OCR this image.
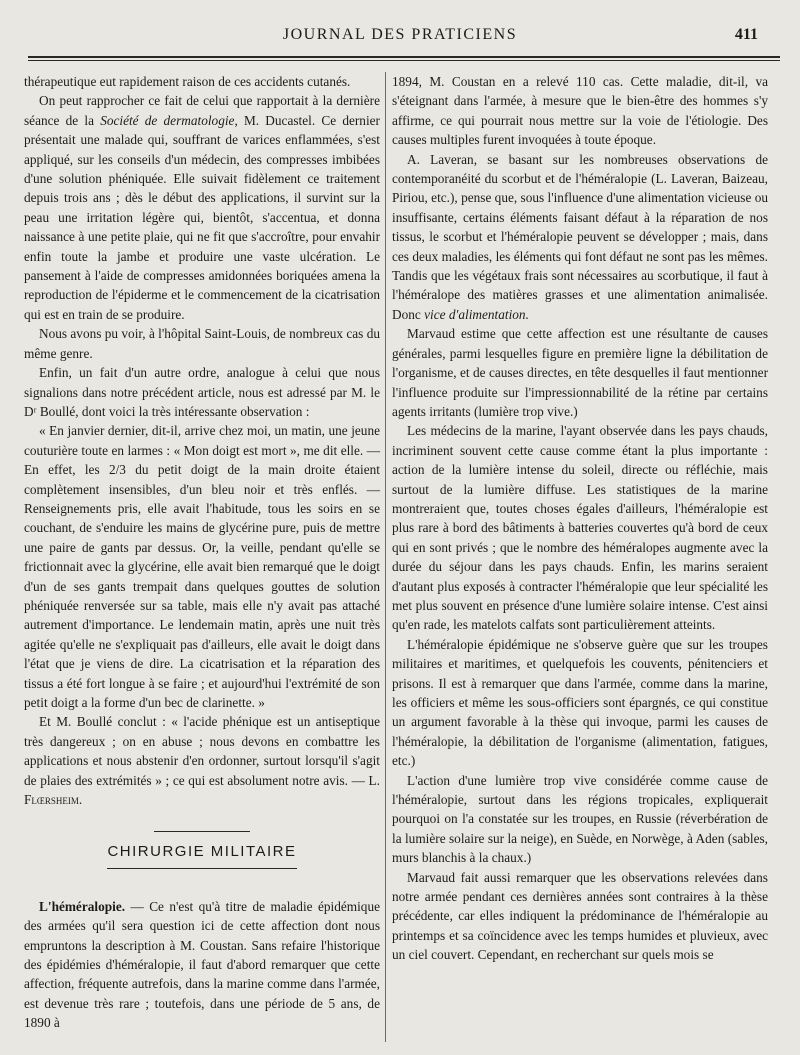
JOURNAL DES PRATICIENS	411

thérapeutique eut rapidement raison de ces accidents cutanés.

On peut rapprocher ce fait de celui que rapportait à la dernière séance de la Société de dermatologie, M. Ducastel. Ce dernier présentait une malade qui, souffrant de varices enflammées, s'est appliqué, sur les conseils d'un médecin, des compresses imbibées d'une solution phéniquée. Elle suivait fidèlement ce traitement depuis trois ans ; dès le début des applications, il survint sur la peau une irritation légère qui, bientôt, s'accentua, et donna naissance à une petite plaie, qui ne fit que s'accroître, pour envahir enfin toute la jambe et produire une vaste ulcération. Le pansement à l'aide de compresses amidonnées boriquées amena la reproduction de l'épiderme et le commencement de la cicatrisation qui est en train de se produire.

Nous avons pu voir, à l'hôpital Saint-Louis, de nombreux cas du même genre.

Enfin, un fait d'un autre ordre, analogue à celui que nous signalions dans notre précédent article, nous est adressé par M. le Dʳ Boullé, dont voici la très intéressante observation :

« En janvier dernier, dit-il, arrive chez moi, un matin, une jeune couturière toute en larmes : « Mon doigt est mort », me dit elle. — En effet, les 2/3 du petit doigt de la main droite étaient complètement insensibles, d'un bleu noir et très enflés. — Renseignements pris, elle avait l'habitude, tous les soirs en se couchant, de s'enduire les mains de glycérine pure, puis de mettre une paire de gants par dessus. Or, la veille, pendant qu'elle se frictionnait avec la glycérine, elle avait bien remarqué que le doigt d'un de ses gants trempait dans quelques gouttes de solution phéniquée renversée sur sa table, mais elle n'y avait pas attaché autrement d'importance. Le lendemain matin, après une nuit très agitée qu'elle ne s'expliquait pas d'ailleurs, elle avait le doigt dans l'état que je viens de dire. La cicatrisation et la réparation des tissus a été fort longue à se faire ; et aujourd'hui l'extrémité de son petit doigt a la forme d'un bec de clarinette. »

Et M. Boullé conclut : « l'acide phénique est un antiseptique très dangereux ; on en abuse ; nous devons en combattre les applications et nous abstenir d'en ordonner, surtout lorsqu'il s'agit de plaies des extrémités » ; ce qui est absolument notre avis. — L. Flœrsheim.

CHIRURGIE MILITAIRE

L'héméralopie. — Ce n'est qu'à titre de maladie épidémique des armées qu'il sera question ici de cette affection dont nous empruntons la description à M. Coustan. Sans refaire l'historique des épidémies d'héméralopie, il faut d'abord remarquer que cette affection, fréquente autrefois, dans la marine comme dans l'armée, est devenue très rare ; toutefois, dans une période de 5 ans, de 1890 à

1894, M. Coustan en a relevé 110 cas. Cette maladie, dit-il, va s'éteignant dans l'armée, à mesure que le bien-être des hommes s'y affirme, ce qui pourrait nous mettre sur la voie de l'étiologie. Des causes multiples furent invoquées à toute époque.

A. Laveran, se basant sur les nombreuses observations de contemporanéité du scorbut et de l'héméralopie (L. Laveran, Baizeau, Piriou, etc.), pense que, sous l'influence d'une alimentation vicieuse ou insuffisante, certains éléments faisant défaut à la réparation de nos tissus, le scorbut et l'héméralopie peuvent se développer ; mais, dans ces deux maladies, les éléments qui font défaut ne sont pas les mêmes. Tandis que les végétaux frais sont nécessaires au scorbutique, il faut à l'héméralope des matières grasses et une alimentation animalisée. Donc vice d'alimentation.

Marvaud estime que cette affection est une résultante de causes générales, parmi lesquelles figure en première ligne la débilitation de l'organisme, et de causes directes, en tête desquelles il faut mentionner l'influence produite sur l'impressionnabilité de la rétine par certains agents irritants (lumière trop vive.)

Les médecins de la marine, l'ayant observée dans les pays chauds, incriminent souvent cette cause comme étant la plus importante : action de la lumière intense du soleil, directe ou réfléchie, mais surtout de la lumière diffuse. Les statistiques de la marine montreraient que, toutes choses égales d'ailleurs, l'héméralopie est plus rare à bord des bâtiments à batteries couvertes qu'à bord de ceux qui en sont privés ; que le nombre des héméralopes augmente avec la durée du séjour dans les pays chauds. Enfin, les marins seraient d'autant plus exposés à contracter l'héméralopie que leur spécialité les met plus souvent en présence d'une lumière solaire intense. C'est ainsi qu'en rade, les matelots calfats sont particulièrement atteints.

L'héméralopie épidémique ne s'observe guère que sur les troupes militaires et maritimes, et quelquefois les couvents, pénitenciers et prisons. Il est à remarquer que dans l'armée, comme dans la marine, les officiers et même les sous-officiers sont épargnés, ce qui constitue un argument favorable à la thèse qui invoque, parmi les causes de l'héméralopie, la débilitation de l'organisme (alimentation, fatigues, etc.)

L'action d'une lumière trop vive considérée comme cause de l'héméralopie, surtout dans les régions tropicales, expliquerait pourquoi on l'a constatée sur les troupes, en Russie (réverbération de la lumière solaire sur la neige), en Suède, en Norwège, à Aden (sables, murs blanchis à la chaux.)

Marvaud fait aussi remarquer que les observations relevées dans notre armée pendant ces dernières années sont contraires à la thèse précédente, car elles indiquent la prédominance de l'héméralopie au printemps et sa coïncidence avec les temps humides et pluvieux, avec un ciel couvert. Cependant, en recherchant sur quels mois se
